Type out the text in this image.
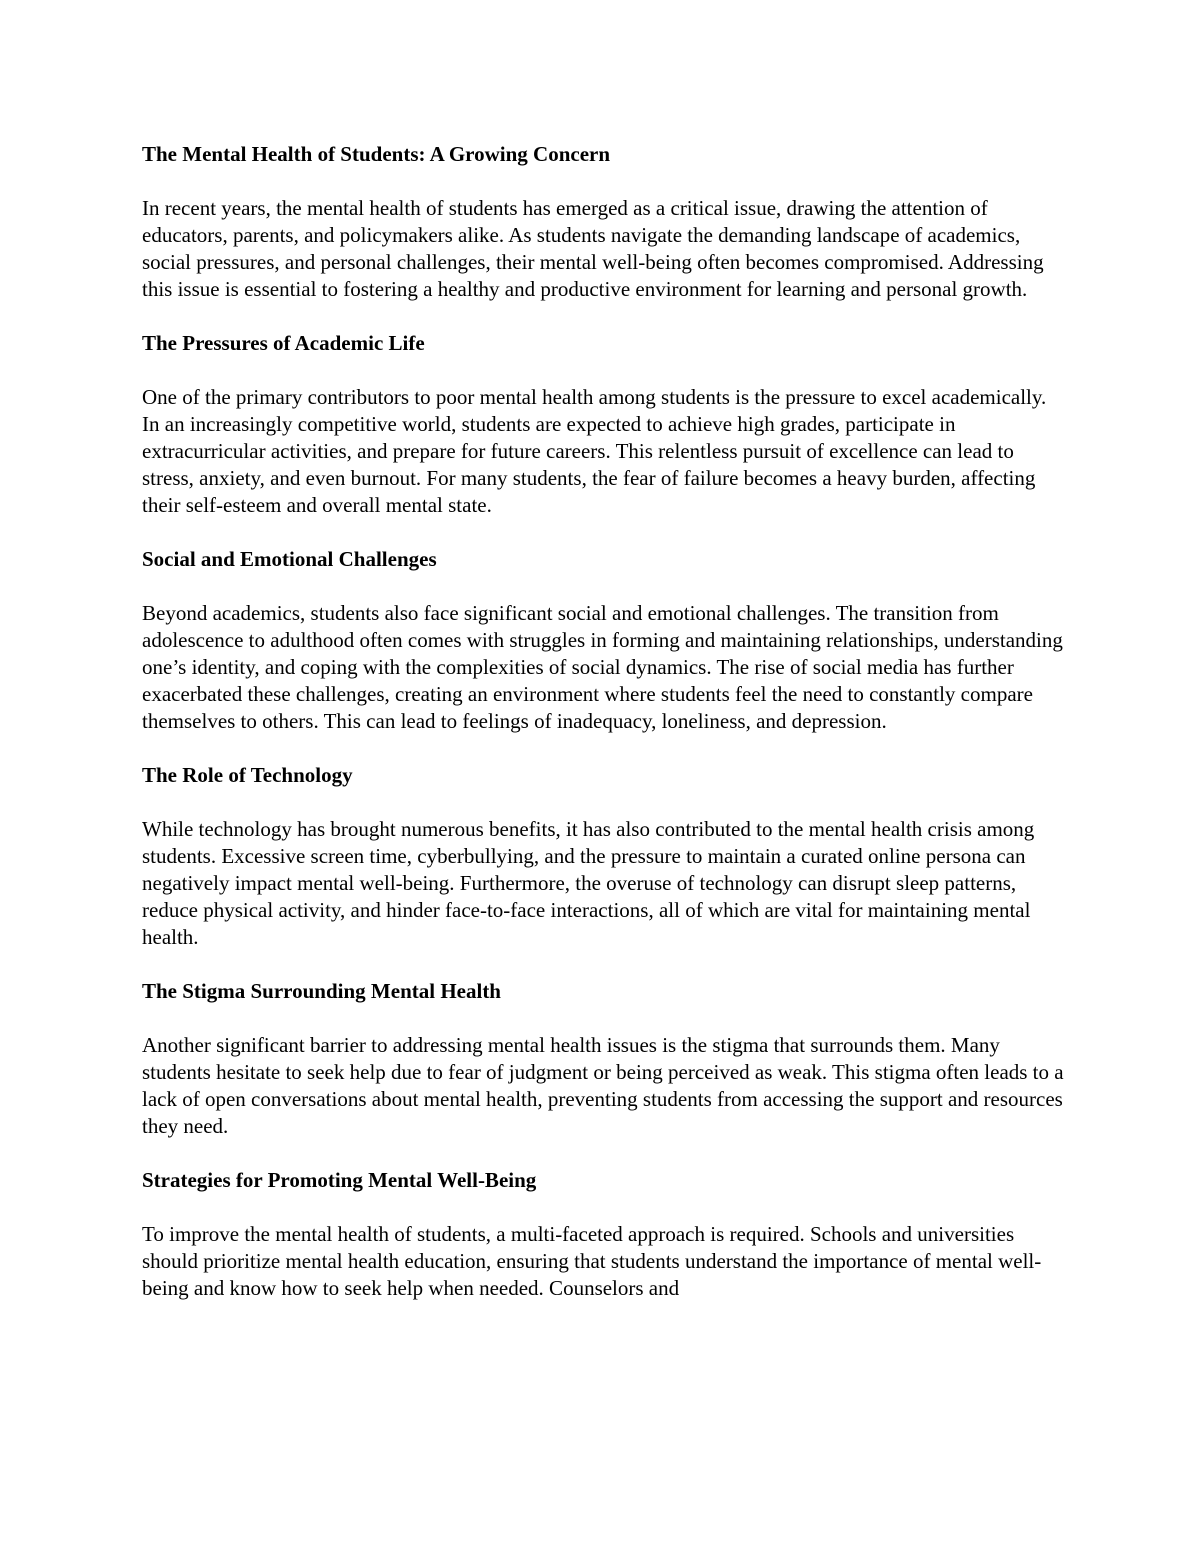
The Mental Health of Students: A Growing Concern

In recent years, the mental health of students has emerged as a critical issue, drawing the attention of educators, parents, and policymakers alike. As students navigate the demanding landscape of academics, social pressures, and personal challenges, their mental well-being often becomes compromised. Addressing this issue is essential to fostering a healthy and productive environment for learning and personal growth.

The Pressures of Academic Life

One of the primary contributors to poor mental health among students is the pressure to excel academically. In an increasingly competitive world, students are expected to achieve high grades, participate in extracurricular activities, and prepare for future careers. This relentless pursuit of excellence can lead to stress, anxiety, and even burnout. For many students, the fear of failure becomes a heavy burden, affecting their self-esteem and overall mental state.

Social and Emotional Challenges

Beyond academics, students also face significant social and emotional challenges. The transition from adolescence to adulthood often comes with struggles in forming and maintaining relationships, understanding one’s identity, and coping with the complexities of social dynamics. The rise of social media has further exacerbated these challenges, creating an environment where students feel the need to constantly compare themselves to others. This can lead to feelings of inadequacy, loneliness, and depression.

The Role of Technology

While technology has brought numerous benefits, it has also contributed to the mental health crisis among students. Excessive screen time, cyberbullying, and the pressure to maintain a curated online persona can negatively impact mental well-being. Furthermore, the overuse of technology can disrupt sleep patterns, reduce physical activity, and hinder face-to-face interactions, all of which are vital for maintaining mental health.

The Stigma Surrounding Mental Health

Another significant barrier to addressing mental health issues is the stigma that surrounds them. Many students hesitate to seek help due to fear of judgment or being perceived as weak. This stigma often leads to a lack of open conversations about mental health, preventing students from accessing the support and resources they need.

Strategies for Promoting Mental Well-Being

To improve the mental health of students, a multi-faceted approach is required. Schools and universities should prioritize mental health education, ensuring that students understand the importance of mental well-being and know how to seek help when needed. Counselors and
